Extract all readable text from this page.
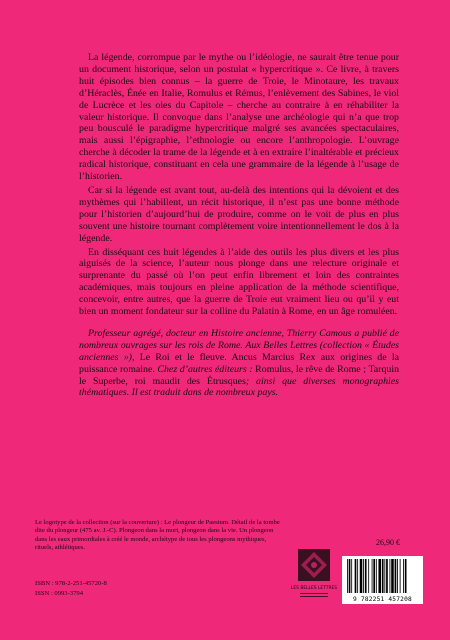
La légende, corrompue par le mythe ou l’idéologie, ne saurait être tenue pour un document historique, selon un postulat « hypercritique ». Ce livre, à travers huit épisodes bien connus – la guerre de Troie, le Minotaure, les travaux d’Héraclès, Énée en Italie, Romulus et Rémus, l’enlèvement des Sabines, le viol de Lucrèce et les oies du Capitole – cherche au contraire à en réhabiliter la valeur historique. Il convoque dans l’analyse une archéologie qui n’a que trop peu bousculé le paradigme hypercritique malgré ses avancées spectaculaires, mais aussi l’épigraphie, l’ethnologie ou encore l’anthropologie. L’ouvrage cherche à décoder la trame de la légende et à en extraire l’inaltérable et précieux radical historique, constituant en cela une grammaire de la légende à l’usage de l’historien.

Car si la légende est avant tout, au-delà des intentions qui la dévoient et des mythèmes qui l’habillent, un récit historique, il n’est pas une bonne méthode pour l’historien d’aujourd’hui de produire, comme on le voit de plus en plus souvent une histoire tournant complètement voire intentionnellement le dos à la légende.

En disséquant ces huit légendes à l’aide des outils les plus divers et les plus aiguisés de la science, l’auteur nous plonge dans une relecture originale et surprenante du passé où l’on peut enfin librement et loin des contraintes académiques, mais toujours en pleine application de la méthode scientifique, concevoir, entre autres, que la guerre de Troie eut vraiment lieu ou qu’il y eut bien un moment fondateur sur la colline du Palatin à Rome, en un âge romuléen.

Professeur agrégé, docteur en Histoire ancienne, Thierry Camous a publié de nombreux ouvrages sur les rois de Rome. Aux Belles Lettres (collection « Études anciennes »), Le Roi et le fleuve. Ancus Marcius Rex aux origines de la puissance romaine. Chez d’autres éditeurs : Romulus, le rêve de Rome ; Tarquin le Superbe, roi maudit des Étrusques; ainsi que diverses monographies thématiques. Il est traduit dans de nombreux pays.

Le logotype de la collection (sur la couverture) : Le plongeur de Paestum. Détail de la tombe dite du plongeur (475 av. J.-C). Plongeon dans la mort, plongeon dans la vie. Un plongeon dans les eaux primordiales à créé le monde, archétype de tous les plongeons mythiques, rituels, athlétiques.
ISBN : 978-2-251-45720-8
ISSN : 0993-3794
26,90 €
LES BELLES LETTRES
9 782251 457208
